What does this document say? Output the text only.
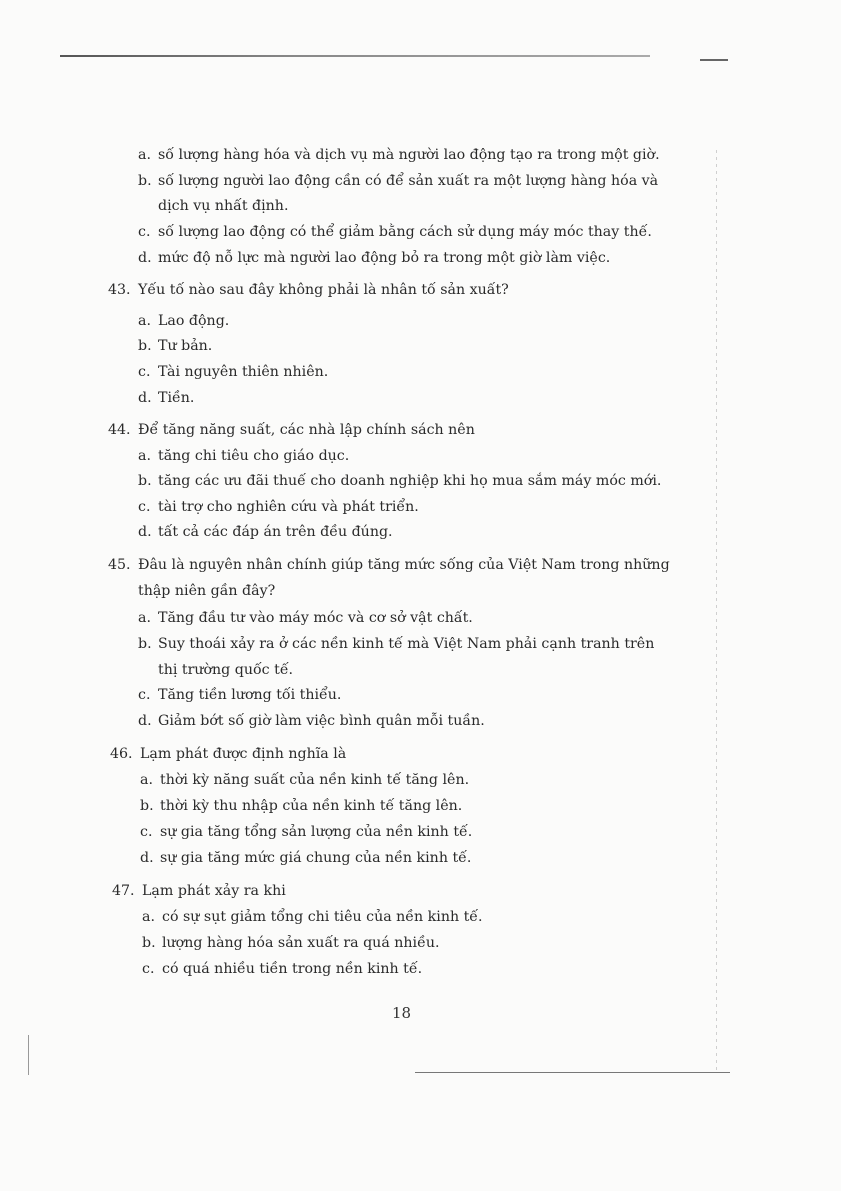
a. số lượng hàng hóa và dịch vụ mà người lao động tạo ra trong một giờ.
b. số lượng người lao động cần có để sản xuất ra một lượng hàng hóa và
dịch vụ nhất định.
c. số lượng lao động có thể giảm bằng cách sử dụng máy móc thay thế.
d. mức độ nỗ lực mà người lao động bỏ ra trong một giờ làm việc.
43. Yếu tố nào sau đây không phải là nhân tố sản xuất?
a. Lao động.
b. Tư bản.
c. Tài nguyên thiên nhiên.
d. Tiền.
44. Để tăng năng suất, các nhà lập chính sách nên
a. tăng chi tiêu cho giáo dục.
b. tăng các ưu đãi thuế cho doanh nghiệp khi họ mua sắm máy móc mới.
c. tài trợ cho nghiên cứu và phát triển.
d. tất cả các đáp án trên đều đúng.
45. Đâu là nguyên nhân chính giúp tăng mức sống của Việt Nam trong những
thập niên gần đây?
a. Tăng đầu tư vào máy móc và cơ sở vật chất.
b. Suy thoái xảy ra ở các nền kinh tế mà Việt Nam phải cạnh tranh trên
thị trường quốc tế.
c. Tăng tiền lương tối thiểu.
d. Giảm bớt số giờ làm việc bình quân mỗi tuần.
46. Lạm phát được định nghĩa là
a. thời kỳ năng suất của nền kinh tế tăng lên.
b. thời kỳ thu nhập của nền kinh tế tăng lên.
c. sự gia tăng tổng sản lượng của nền kinh tế.
d. sự gia tăng mức giá chung của nền kinh tế.
47. Lạm phát xảy ra khi
a. có sự sụt giảm tổng chi tiêu của nền kinh tế.
b. lượng hàng hóa sản xuất ra quá nhiều.
c. có quá nhiều tiền trong nền kinh tế.
18
